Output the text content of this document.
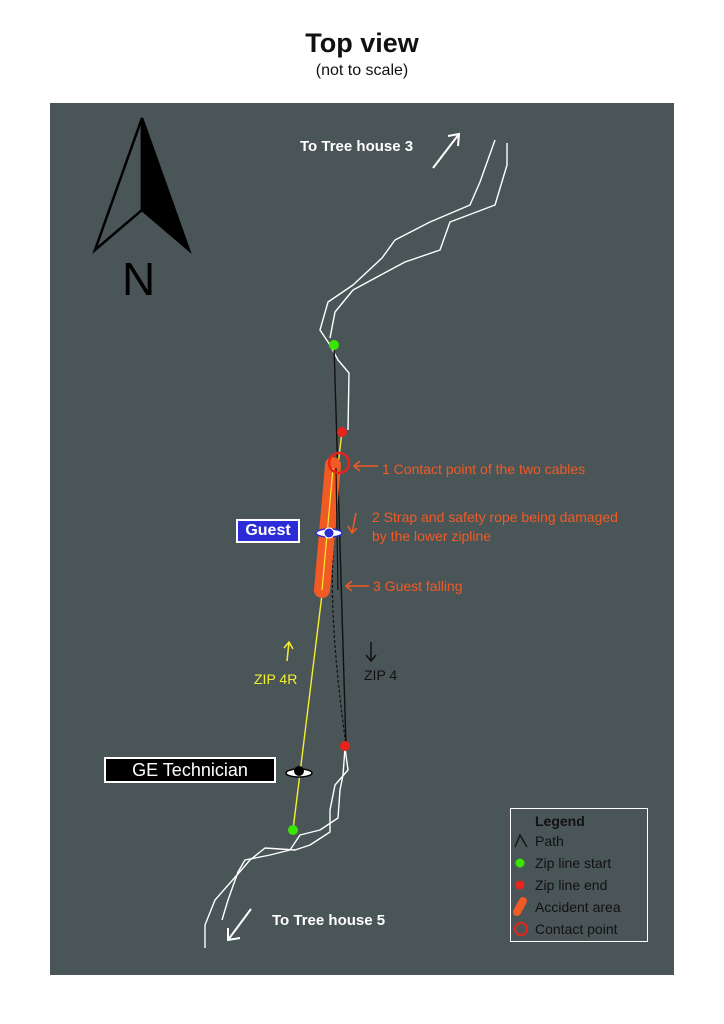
Top view
(not to scale)
N
To Tree house 3
To Tree house 5
1 Contact point of the two cables
2 Strap and safety rope being damaged
by the lower zipline
3 Guest falling
ZIP 4R	ZIP 4
Guest
GE Technician
Legend
Path
Zip line start
Zip line end
Accident area
Contact point
